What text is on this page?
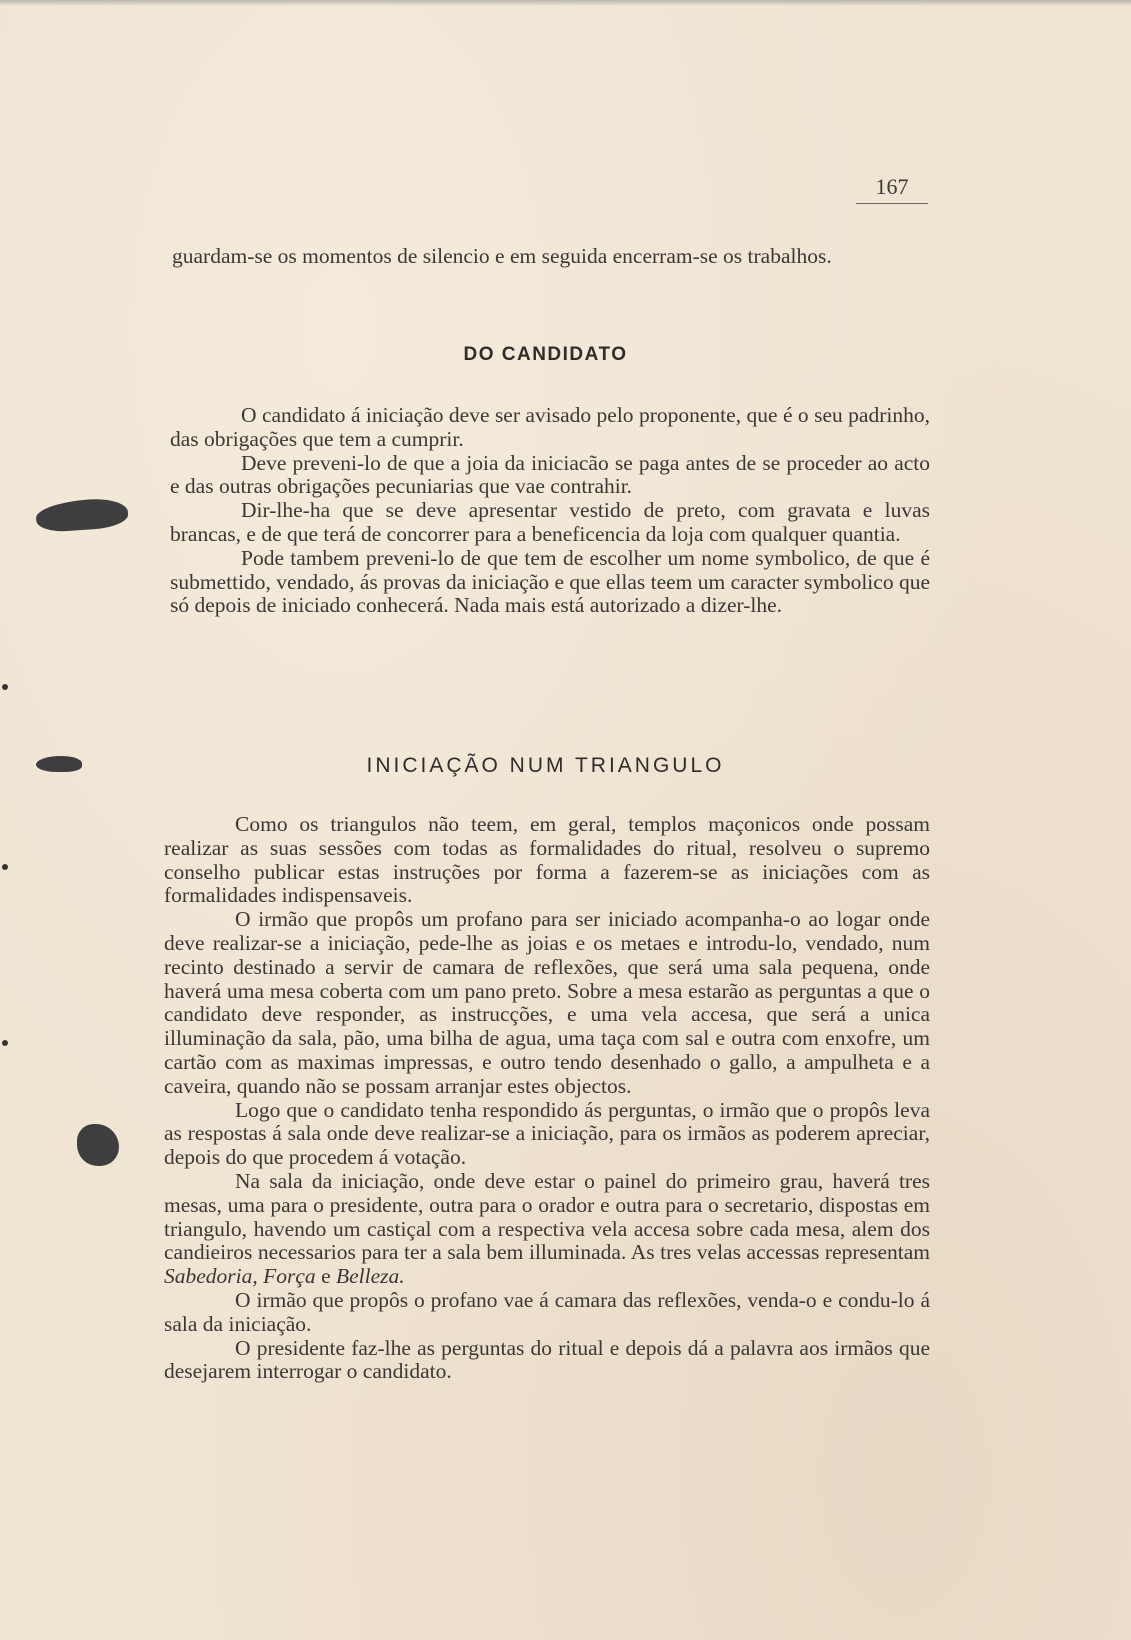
167

guardam-se os momentos de silencio e em seguida encerram-se os trabalhos.

DO CANDIDATO

O candidato á iniciação deve ser avisado pelo proponente, que é o seu padrinho, das obrigações que tem a cumprir.

Deve preveni-lo de que a joia da iniciacão se paga antes de se proceder ao acto e das outras obrigações pecuniarias que vae contrahir.

Dir-lhe-ha que se deve apresentar vestido de preto, com gravata e luvas brancas, e de que terá de concorrer para a beneficencia da loja com qualquer quantia.

Pode tambem preveni-lo de que tem de escolher um nome symbolico, de que é submettido, vendado, ás provas da iniciação e que ellas teem um caracter symbolico que só depois de iniciado conhecerá. Nada mais está autorizado a dizer-lhe.

INICIAÇÃO NUM TRIANGULO

Como os triangulos não teem, em geral, templos maçonicos onde possam realizar as suas sessões com todas as formalidades do ritual, resolveu o supremo conselho publicar estas instruções por forma a fazerem-se as iniciações com as formalidades indispensaveis.

O irmão que propôs um profano para ser iniciado acompanha-o ao logar onde deve realizar-se a iniciação, pede-lhe as joias e os metaes e introdu-lo, vendado, num recinto destinado a servir de camara de reflexões, que será uma sala pequena, onde haverá uma mesa coberta com um pano preto. Sobre a mesa estarão as perguntas a que o candidato deve responder, as instrucções, e uma vela accesa, que será a unica illuminação da sala, pão, uma bilha de agua, uma taça com sal e outra com enxofre, um cartão com as maximas impressas, e outro tendo desenhado o gallo, a ampulheta e a caveira, quando não se possam arranjar estes objectos.

Logo que o candidato tenha respondido ás perguntas, o irmão que o propôs leva as respostas á sala onde deve realizar-se a iniciação, para os irmãos as poderem apreciar, depois do que procedem á votação.

Na sala da iniciação, onde deve estar o painel do primeiro grau, haverá tres mesas, uma para o presidente, outra para o orador e outra para o secretario, dispostas em triangulo, havendo um castiçal com a respectiva vela accesa sobre cada mesa, alem dos candieiros necessarios para ter a sala bem illuminada. As tres velas accessas representam Sabedoria, Força e Belleza.

O irmão que propôs o profano vae á camara das reflexões, venda-o e condu-lo á sala da iniciação.

O presidente faz-lhe as perguntas do ritual e depois dá a palavra aos irmãos que desejarem interrogar o candidato.
